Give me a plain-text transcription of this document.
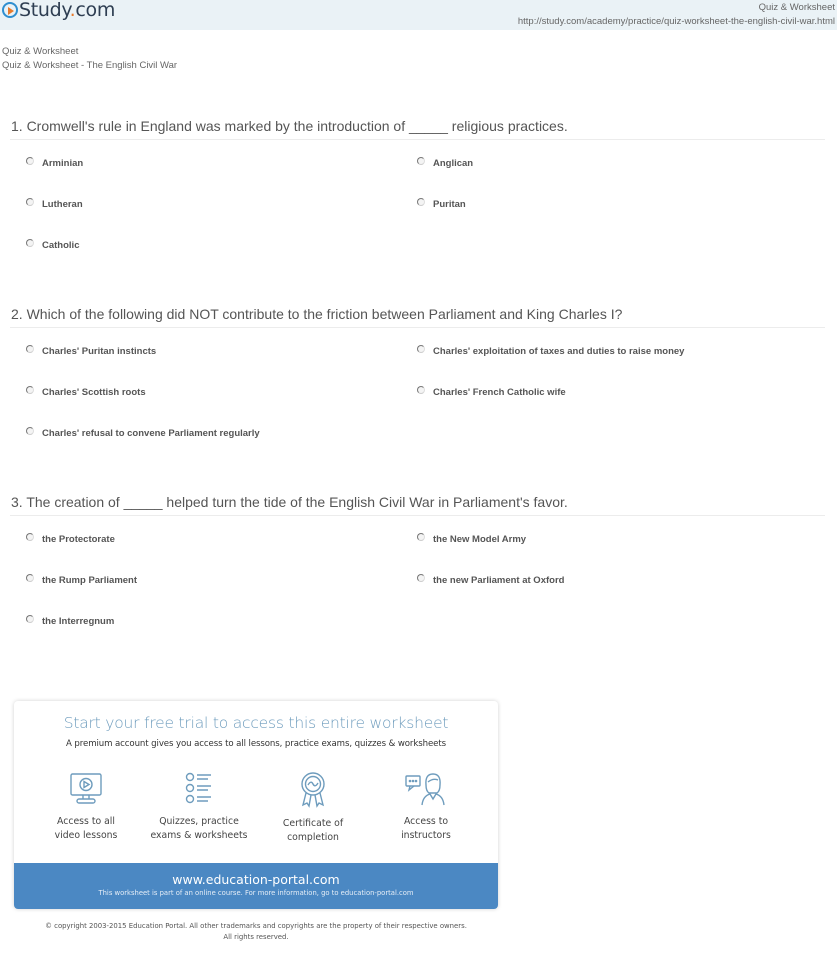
Study.com	Quiz & Worksheet
http://study.com/academy/practice/quiz-worksheet-the-english-civil-war.html
Quiz & Worksheet
Quiz & Worksheet - The English Civil War
1. Cromwell's rule in England was marked by the introduction of _____ religious practices.
Arminian	Anglican
Lutheran	Puritan
Catholic
2. Which of the following did NOT contribute to the friction between Parliament and King Charles I?
Charles' Puritan instincts	Charles' exploitation of taxes and duties to raise money
Charles' Scottish roots	Charles' French Catholic wife
Charles' refusal to convene Parliament regularly
3. The creation of _____ helped turn the tide of the English Civil War in Parliament's favor.
the Protectorate	the New Model Army
the Rump Parliament	the new Parliament at Oxford
the Interregnum
Start your free trial to access this entire worksheet
A premium account gives you access to all lessons, practice exams, quizzes & worksheets
Access to all
video lessons
Quizzes, practice
exams & worksheets
Certificate of
completion
Access to
instructors
www.education-portal.com
This worksheet is part of an online course. For more information, go to education-portal.com
© copyright 2003-2015 Education Portal. All other trademarks and copyrights are the property of their respective owners.
All rights reserved.
